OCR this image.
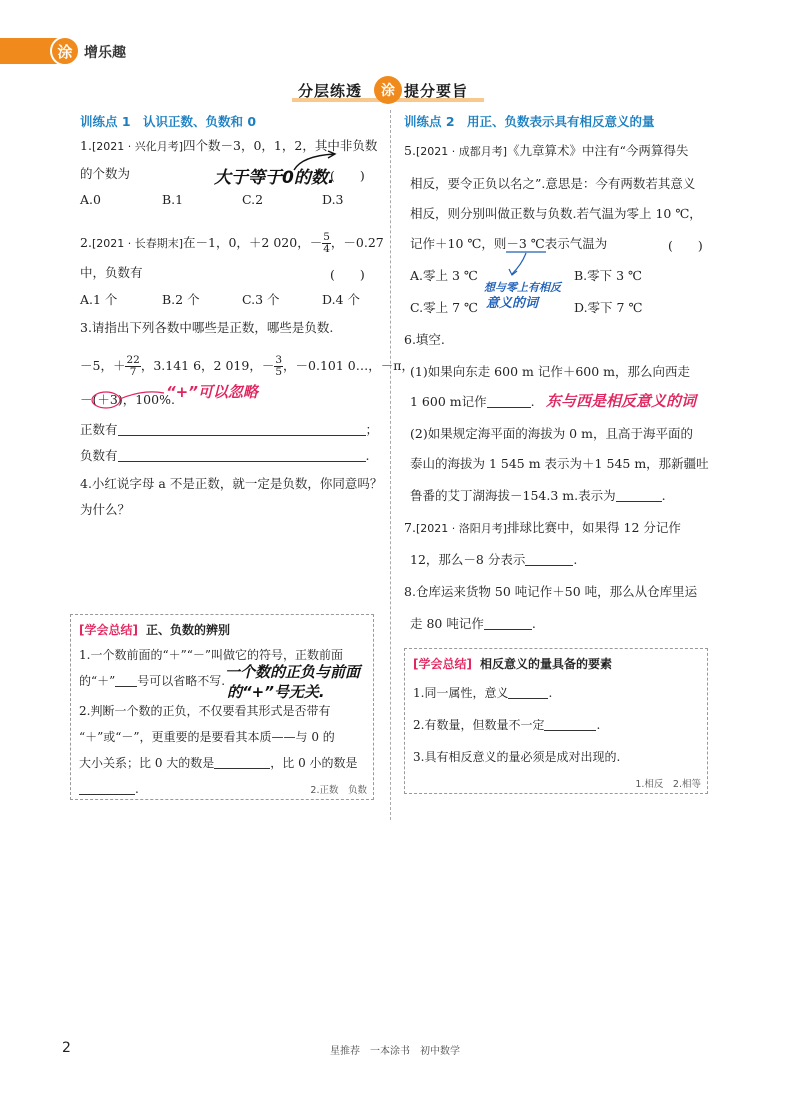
涂 增乐趣
分层练透	涂 提分要旨
训练点 1　认识正数、负数和 0
1.[2021 · 兴化月考]四个数－3，0，1，2，其中非负数
的个数为	(　　)
大于等于0的数.
A.0	B.1	C.2	D.3
2.[2021 · 长春期末]在－1，0，＋2 020，－ $\frac{5}{4}$ ，－0.27
中，负数有	(　　)
A.1 个	B.2 个	C.3 个	D.4 个
3.请指出下列各数中哪些是正数，哪些是负数.
－5，＋ $\frac{22}{7}$ ，3.141 6，2 019，－ $\frac{3}{5}$ ，－0.101 0…，－π，
－(＋3)，100%.
“+”可以忽略
正数有	；
负数有	.
4.小红说字母 a 不是正数，就一定是负数，你同意吗？
为什么？
[学会总结] 正、负数的辨别
1.一个数前面的“＋”“－”叫做它的符号，正数前面
的“＋” 号可以省略不写. 一个数的正负与前面
的“+”号无关.
2.判断一个数的正负，不仅要看其形式是否带有
“＋”或“－”，更重要的是要看其本质——与 0 的
大小关系；比 0 大的数是	，比 0 小的数是
.	2.正数　负数
训练点 2　用正、负数表示具有相反意义的量
5.[2021 · 成都月考]《九章算术》中注有“今两算得失
相反，要令正负以名之”.意思是：今有两数若其意义
相反，则分别叫做正数与负数.若气温为零上 10 ℃，
记作＋10 ℃，则－3 ℃表示气温为	(　　)
A.零上 3 ℃	B.零下 3 ℃
C.零上 7 ℃	D.零下 7 ℃
想与零上有相反
意义的词
6.填空.
(1)如果向东走 600 m 记作＋600 m，那么向西走
1 600 m记作	. 东与西是相反意义的词
(2)如果规定海平面的海拔为 0 m，且高于海平面的
泰山的海拔为 1 545 m 表示为＋1 545 m，那新疆吐
鲁番的艾丁湖海拔－154.3 m.表示为	.
7.[2021 · 洛阳月考]排球比赛中，如果得 12 分记作
12，那么－8 分表示	.
8.仓库运来货物 50 吨记作＋50 吨，那么从仓库里运
走 80 吨记作	.
[学会总结] 相反意义的量具备的要素
1.同一属性，意义	.
2.有数量，但数量不一定	.
3.具有相反意义的量必须是成对出现的.
1.相反　2.相等
2	星推荐　一本涂书　初中数学
